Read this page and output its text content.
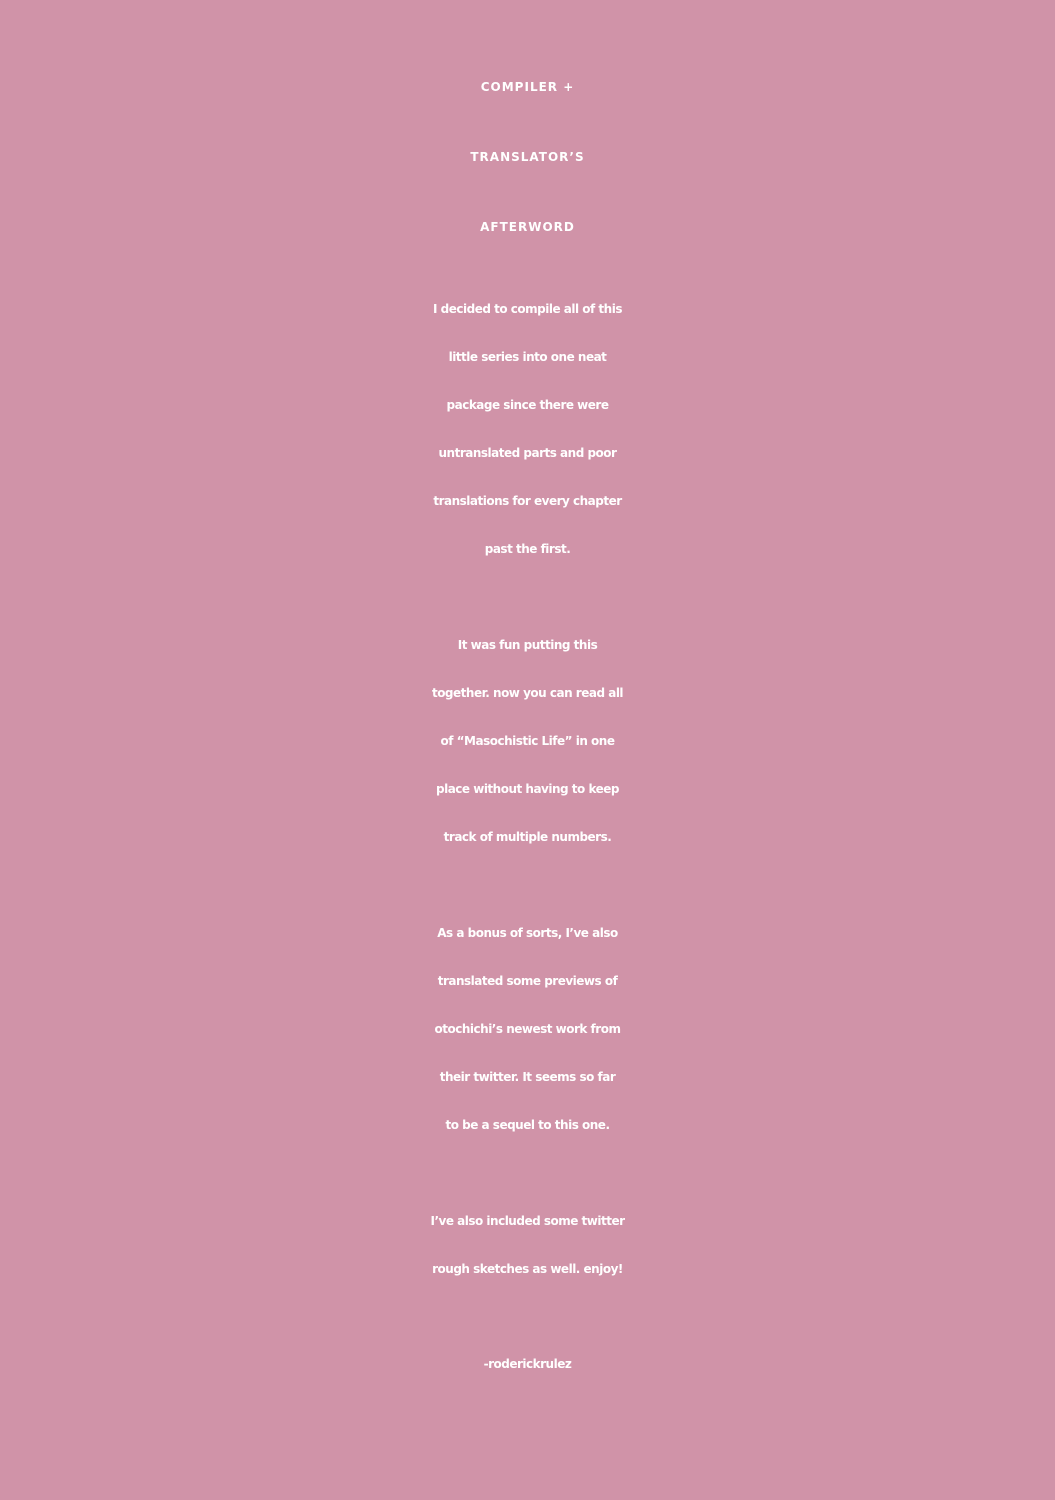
COMPILER +
TRANSLATOR’S
AFTERWORD

I decided to compile all of this
little series into one neat
package since there were
untranslated parts and poor
translations for every chapter
past the first.

It was fun putting this
together. now you can read all
of “Masochistic Life” in one
place without having to keep
track of multiple numbers.

As a bonus of sorts, I’ve also
translated some previews of
otochichi’s newest work from
their twitter. It seems so far
to be a sequel to this one.

I’ve also included some twitter
rough sketches as well. enjoy!

-roderickrulez
